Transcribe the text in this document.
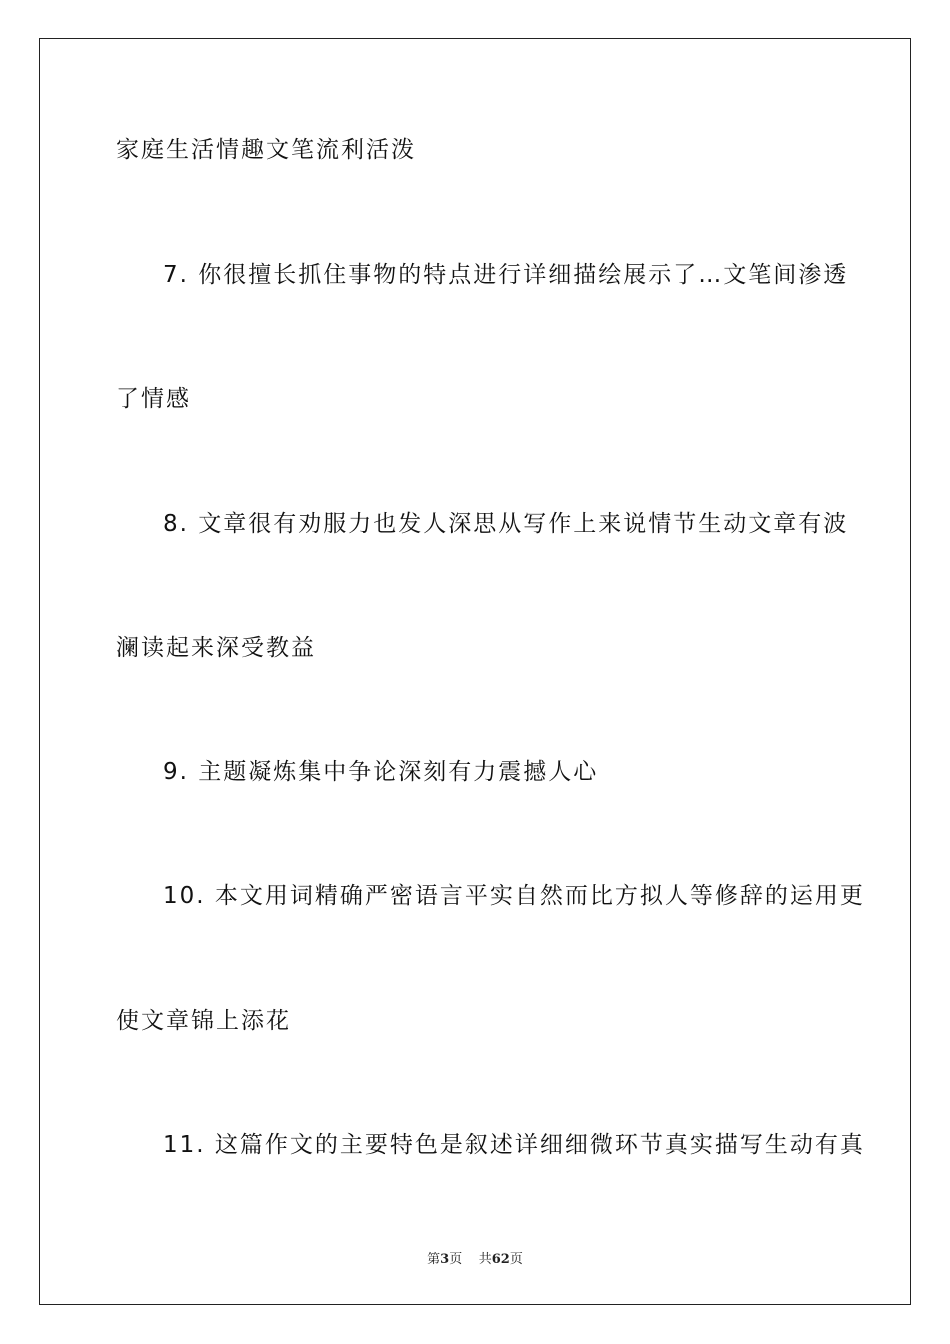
家庭生活情趣文笔流利活泼
7. 你很擅长抓住事物的特点进行详细描绘展示了…文笔间渗透
了情感
8. 文章很有劝服力也发人深思从写作上来说情节生动文章有波
澜读起来深受教益
9. 主题凝炼集中争论深刻有力震撼人心
10. 本文用词精确严密语言平实自然而比方拟人等修辞的运用更
使文章锦上添花
11. 这篇作文的主要特色是叙述详细细微环节真实描写生动有真
第3页 共62页
